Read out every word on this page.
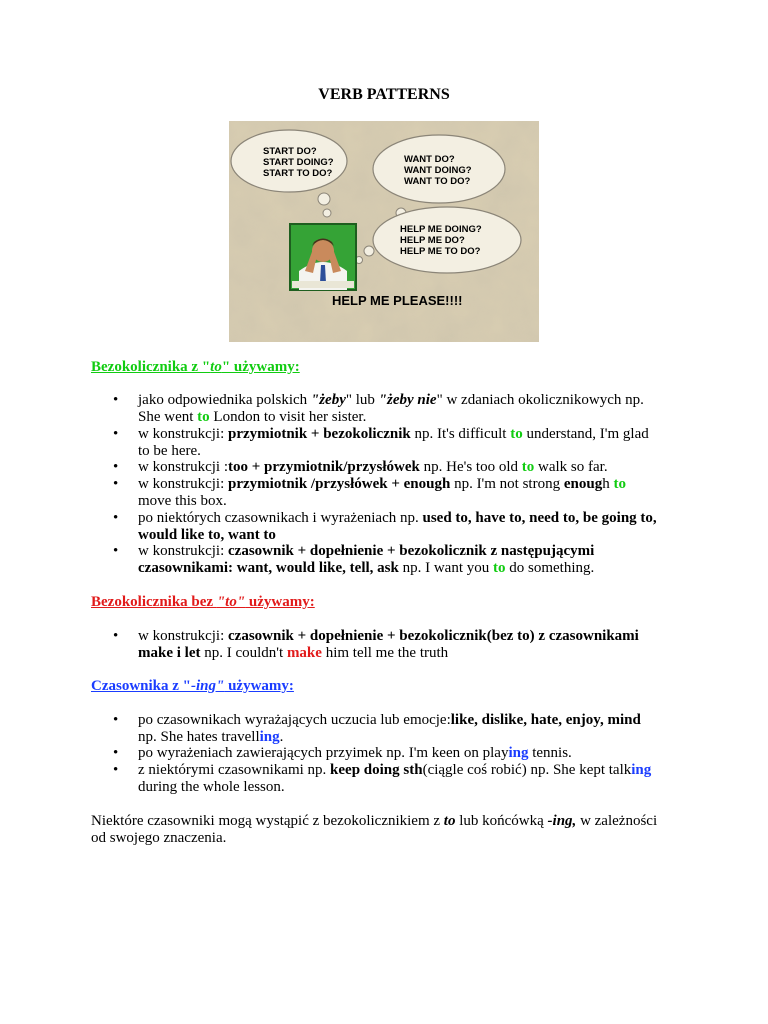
VERB PATTERNS
START DO?
START DOING?
START TO DO?
WANT DO?
WANT DOING?
WANT TO DO?
HELP ME DOING?
HELP ME DO?
HELP ME TO DO?
HELP ME PLEASE!!!!
Bezokolicznika z "to" używamy:
• jako odpowiednika polskich "żeby" lub "żeby nie" w zdaniach okolicznikowych np.
She went to London to visit her sister.
• w konstrukcji: przymiotnik + bezokolicznik np. It's difficult to understand, I'm glad
to be here.
• w konstrukcji :too + przymiotnik/przysłówek np. He's too old to walk so far.
• w konstrukcji: przymiotnik /przysłówek + enough np. I'm not strong enough to
move this box.
• po niektórych czasownikach i wyrażeniach np. used to, have to, need to, be going to,
would like to, want to
• w konstrukcji: czasownik + dopełnienie + bezokolicznik z następującymi
czasownikami: want, would like, tell, ask np. I want you to do something.
Bezokolicznika bez "to" używamy:
• w konstrukcji: czasownik + dopełnienie + bezokolicznik(bez to) z czasownikami
make i let np. I couldn't make him tell me the truth
Czasownika z "-ing" używamy:
• po czasownikach wyrażających uczucia lub emocje:like, dislike, hate, enjoy, mind
np. She hates travelling.
• po wyrażeniach zawierających przyimek np. I'm keen on playing tennis.
• z niektórymi czasownikami np. keep doing sth(ciągle coś robić) np. She kept talking
during the whole lesson.
Niektóre czasowniki mogą wystąpić z bezokolicznikiem z to lub końcówką -ing, w zależności
od swojego znaczenia.
